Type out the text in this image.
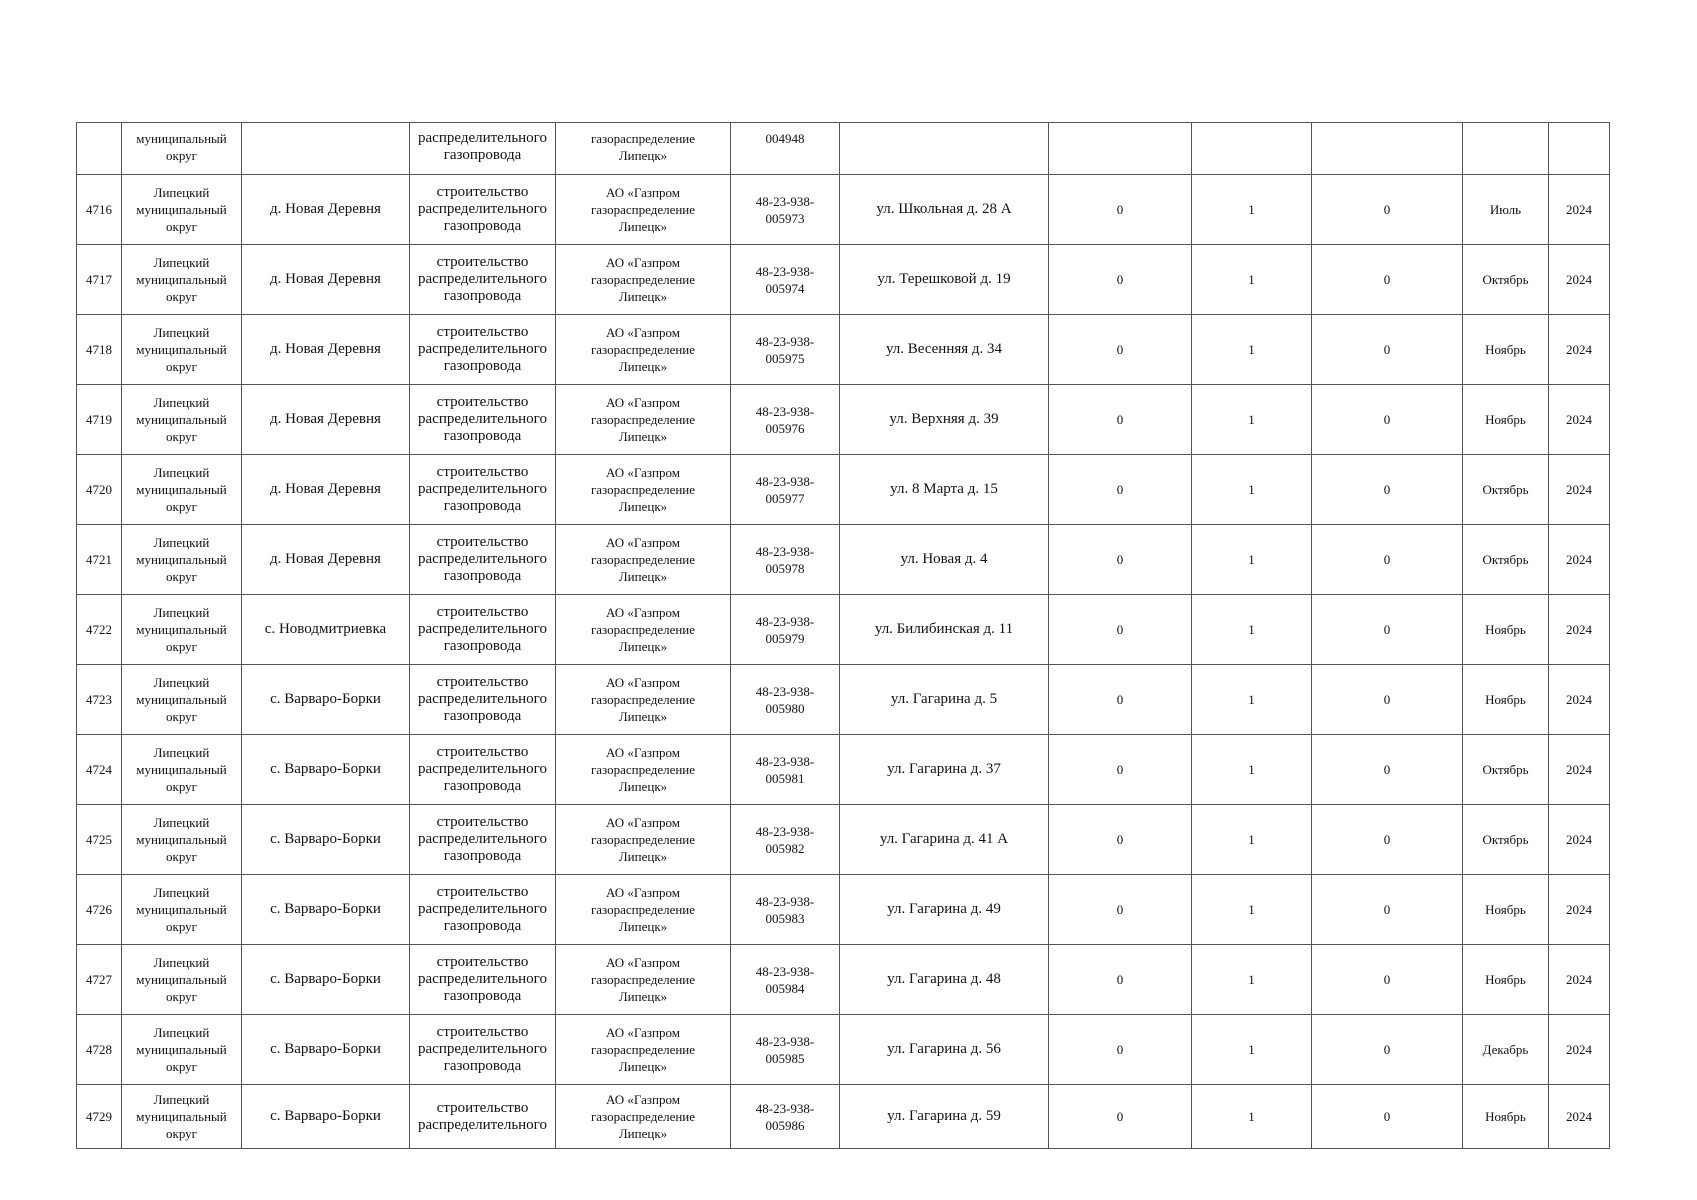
	муниципальный
округ		распределительного
газопровода	газораспределение
Липецк»	004948						

4716	Липецкий
муниципальный
округ	д. Новая Деревня	строительство
распределительного
газопровода	АО «Газпром
газораспределение
Липецк»	48-23-938-
005973	ул. Школьная д. 28 А	0	1	0	Июль	2024
4717	Липецкий
муниципальный
округ	д. Новая Деревня	строительство
распределительного
газопровода	АО «Газпром
газораспределение
Липецк»	48-23-938-
005974	ул. Терешковой д. 19	0	1	0	Октябрь	2024
4718	Липецкий
муниципальный
округ	д. Новая Деревня	строительство
распределительного
газопровода	АО «Газпром
газораспределение
Липецк»	48-23-938-
005975	ул. Весенняя д. 34	0	1	0	Ноябрь	2024
4719	Липецкий
муниципальный
округ	д. Новая Деревня	строительство
распределительного
газопровода	АО «Газпром
газораспределение
Липецк»	48-23-938-
005976	ул. Верхняя д. 39	0	1	0	Ноябрь	2024
4720	Липецкий
муниципальный
округ	д. Новая Деревня	строительство
распределительного
газопровода	АО «Газпром
газораспределение
Липецк»	48-23-938-
005977	ул. 8 Марта д. 15	0	1	0	Октябрь	2024
4721	Липецкий
муниципальный
округ	д. Новая Деревня	строительство
распределительного
газопровода	АО «Газпром
газораспределение
Липецк»	48-23-938-
005978	ул. Новая д. 4	0	1	0	Октябрь	2024
4722	Липецкий
муниципальный
округ	с. Новодмитриевка	строительство
распределительного
газопровода	АО «Газпром
газораспределение
Липецк»	48-23-938-
005979	ул. Билибинская д. 11	0	1	0	Ноябрь	2024
4723	Липецкий
муниципальный
округ	с. Варваро-Борки	строительство
распределительного
газопровода	АО «Газпром
газораспределение
Липецк»	48-23-938-
005980	ул. Гагарина д. 5	0	1	0	Ноябрь	2024
4724	Липецкий
муниципальный
округ	с. Варваро-Борки	строительство
распределительного
газопровода	АО «Газпром
газораспределение
Липецк»	48-23-938-
005981	ул. Гагарина д. 37	0	1	0	Октябрь	2024
4725	Липецкий
муниципальный
округ	с. Варваро-Борки	строительство
распределительного
газопровода	АО «Газпром
газораспределение
Липецк»	48-23-938-
005982	ул. Гагарина д. 41 А	0	1	0	Октябрь	2024
4726	Липецкий
муниципальный
округ	с. Варваро-Борки	строительство
распределительного
газопровода	АО «Газпром
газораспределение
Липецк»	48-23-938-
005983	ул. Гагарина д. 49	0	1	0	Ноябрь	2024
4727	Липецкий
муниципальный
округ	с. Варваро-Борки	строительство
распределительного
газопровода	АО «Газпром
газораспределение
Липецк»	48-23-938-
005984	ул. Гагарина д. 48	0	1	0	Ноябрь	2024
4728	Липецкий
муниципальный
округ	с. Варваро-Борки	строительство
распределительного
газопровода	АО «Газпром
газораспределение
Липецк»	48-23-938-
005985	ул. Гагарина д. 56	0	1	0	Декабрь	2024
4729	Липецкий
муниципальный
округ	с. Варваро-Борки	строительство
распределительного	АО «Газпром
газораспределение
Липецк»	48-23-938-
005986	ул. Гагарина д. 59	0	1	0	Ноябрь	2024
